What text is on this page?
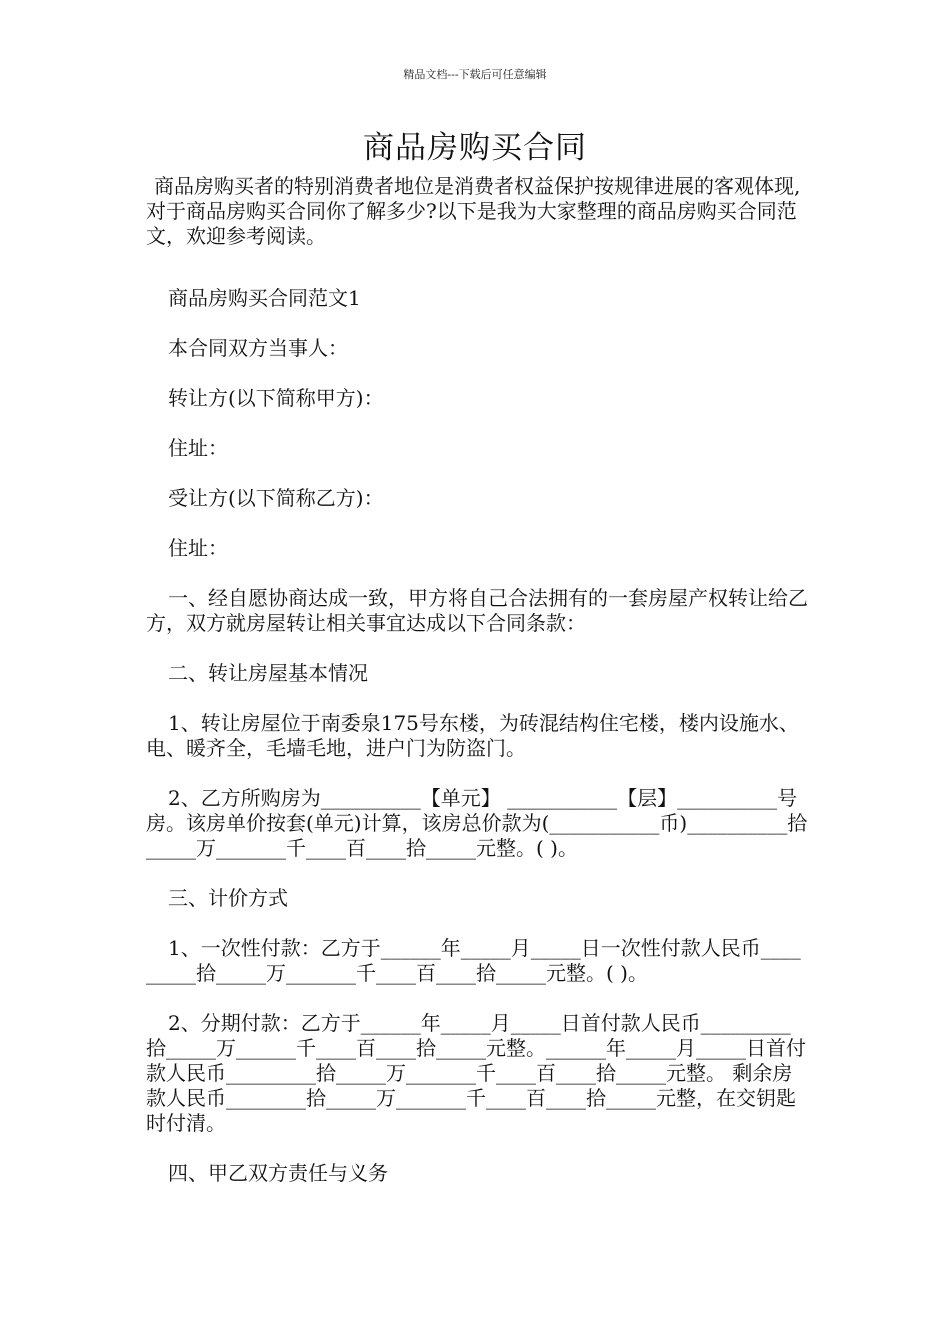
精品文档---下载后可任意编辑
商品房购买合同

商品房购买者的特别消费者地位是消费者权益保护按规律进展的客观体现,对于商品房购买合同你了解多少?以下是我为大家整理的商品房购买合同范文，欢迎参考阅读。

商品房购买合同范文1

本合同双方当事人：

转让方(以下简称甲方)：

住址：

受让方(以下简称乙方)：

住址：

一、经自愿协商达成一致，甲方将自己合法拥有的一套房屋产权转让给乙方，双方就房屋转让相关事宜达成以下合同条款：

二、转让房屋基本情况

1、转让房屋位于南委泉175号东楼，为砖混结构住宅楼，楼内设施水、电、暖齐全，毛墙毛地，进户门为防盗门。

2、乙方所购房为__________【单元】 ___________【层】__________号房。该房单价按套(单元)计算，该房总价款为(___________币)__________拾_____万_______千____百____拾_____元整。( )。

三、计价方式

1、一次性付款：乙方于______年_____月_____日一次性付款人民币_________拾_____万_______千____百____拾_____元整。( )。

2、分期付款：乙方于______年_____月_____日首付款人民币_________拾_____万______千____百____拾_____元整。______年_____月_____日首付款人民币_________拾_____万_______千____百____拾_____元整。 剩余房款人民币________拾_____万_______千____百____拾_____元整，在交钥匙时付清。

四、甲乙双方责任与义务
